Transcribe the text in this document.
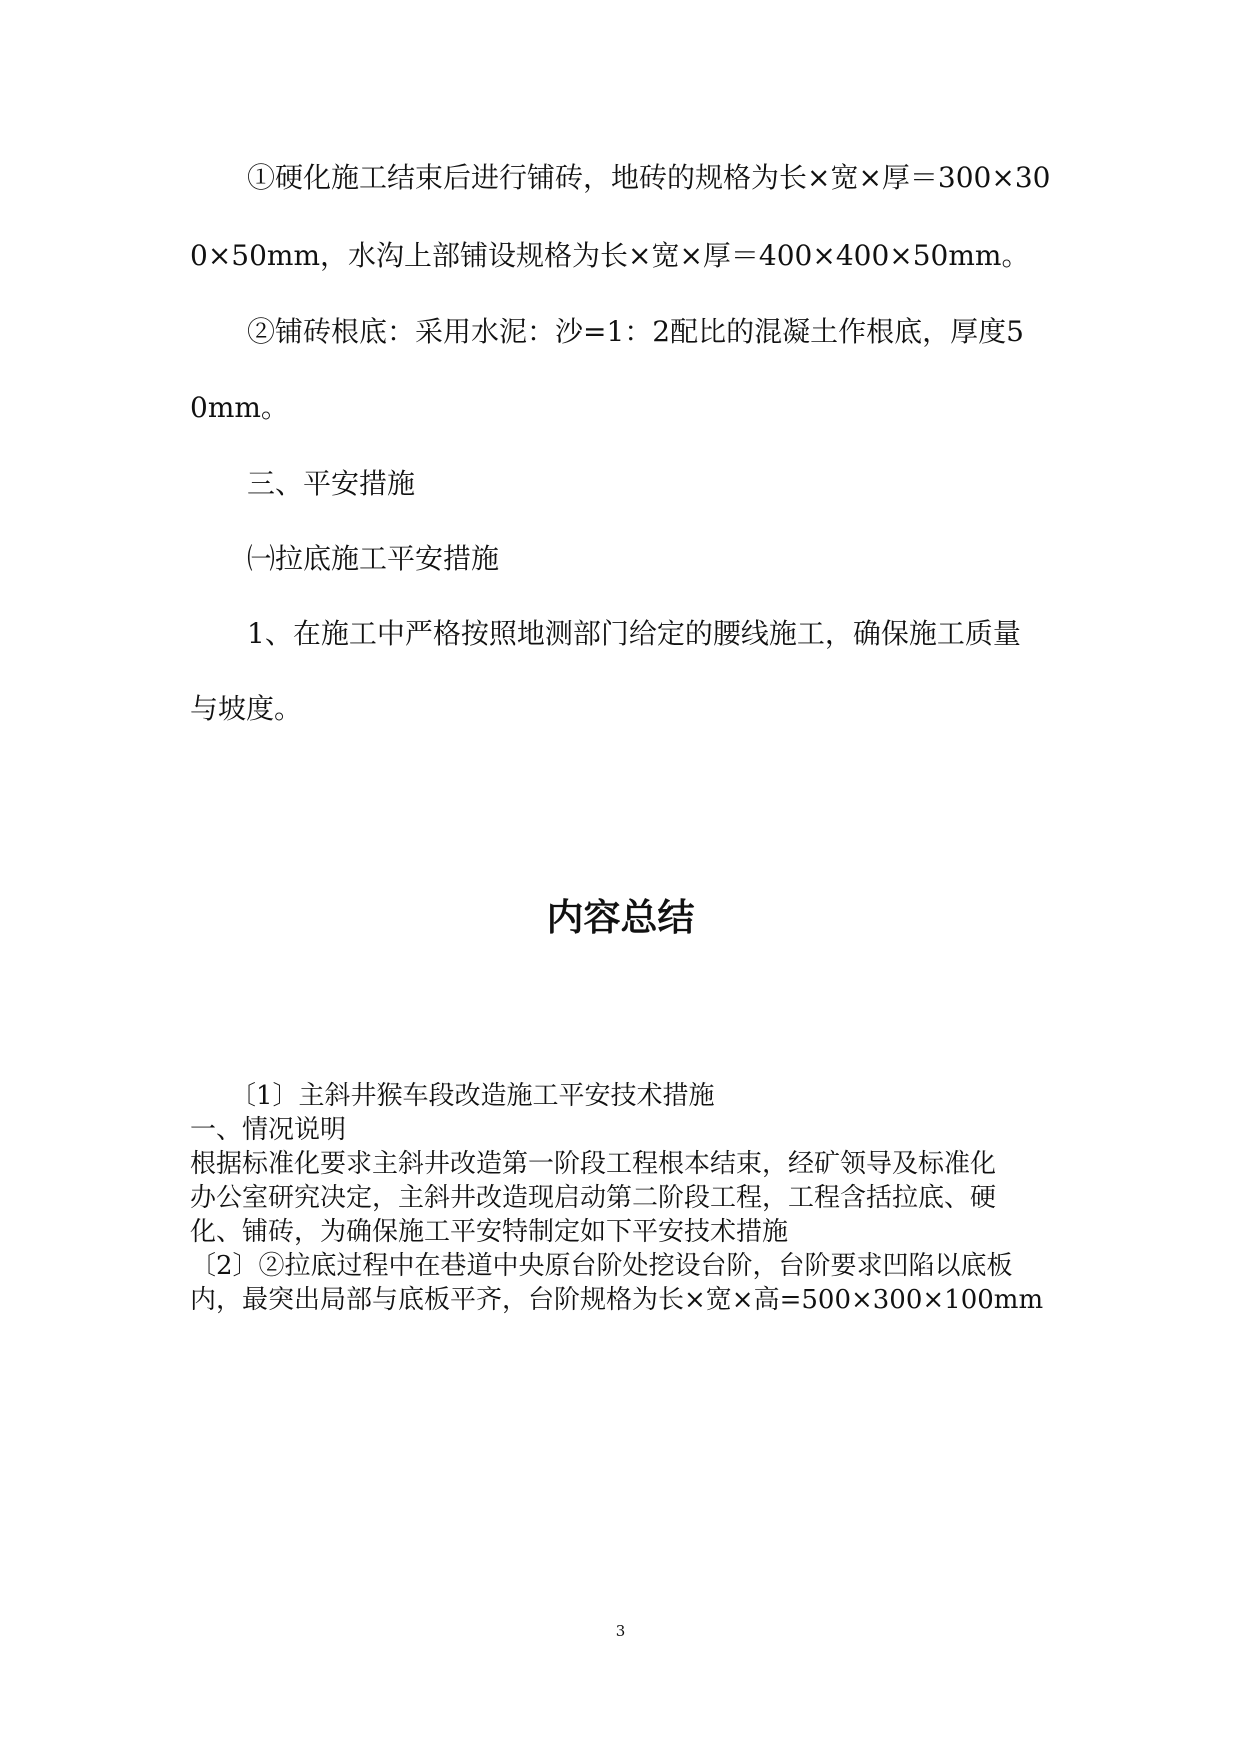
①硬化施工结束后进行铺砖，地砖的规格为长×宽×厚＝300×30
0×50mm，水沟上部铺设规格为长×宽×厚＝400×400×50mm。
②铺砖根底：采用水泥：沙=1：2配比的混凝土作根底，厚度5
0mm。
三、平安措施
㈠拉底施工平安措施
1、在施工中严格按照地测部门给定的腰线施工，确保施工质量
与坡度。
内容总结
〔1〕主斜井猴车段改造施工平安技术措施
一、情况说明
根据标准化要求主斜井改造第一阶段工程根本结束，经矿领导及标准化
办公室研究决定，主斜井改造现启动第二阶段工程，工程含括拉底、硬
化、铺砖，为确保施工平安特制定如下平安技术措施
〔2〕②拉底过程中在巷道中央原台阶处挖设台阶，台阶要求凹陷以底板
内，最突出局部与底板平齐，台阶规格为长×宽×高=500×300×100mm
3
